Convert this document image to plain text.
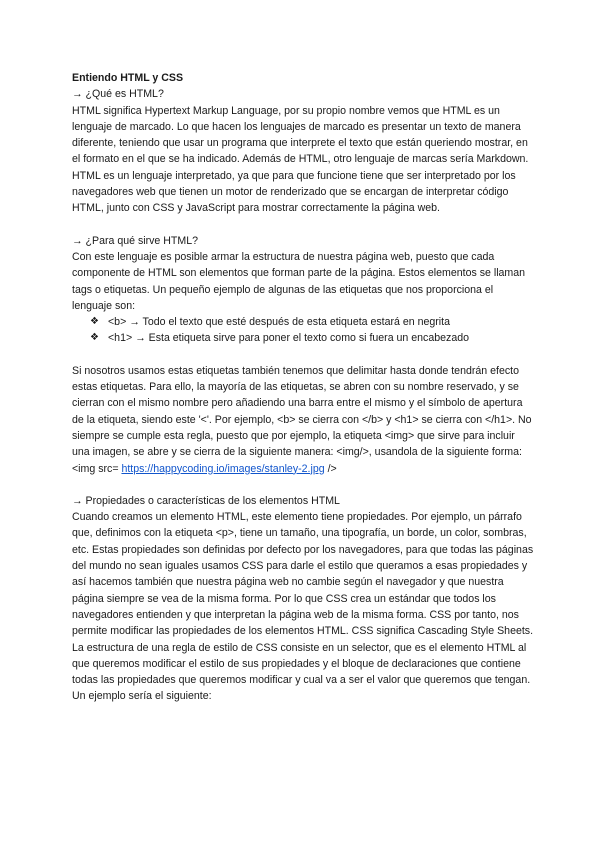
Entiendo HTML y CSS

→ ¿Qué es HTML?

HTML significa Hypertext Markup Language, por su propio nombre vemos que HTML es un lenguaje de marcado. Lo que hacen los lenguajes de marcado es presentar un texto de manera diferente, teniendo que usar un programa que interprete el texto que están queriendo mostrar, en el formato en el que se ha indicado. Además de HTML, otro lenguaje de marcas sería Markdown. HTML es un lenguaje interpretado, ya que para que funcione tiene que ser interpretado por los navegadores web que tienen un motor de renderizado que se encargan de interpretar código HTML, junto con CSS y JavaScript para mostrar correctamente la página web.

→ ¿Para qué sirve HTML?

Con este lenguaje es posible armar la estructura de nuestra página web, puesto que cada componente de HTML son elementos que forman parte de la página. Estos elementos se llaman tags o etiquetas. Un pequeño ejemplo de algunas de las etiquetas que nos proporciona el lenguaje son:

❖ <b> → Todo el texto que esté después de esta etiqueta estará en negrita
❖ <h1> → Esta etiqueta sirve para poner el texto como si fuera un encabezado

Si nosotros usamos estas etiquetas también tenemos que delimitar hasta donde tendrán efecto estas etiquetas. Para ello, la mayoría de las etiquetas, se abren con su nombre reservado, y se cierran con el mismo nombre pero añadiendo una barra entre el mismo y el símbolo de apertura de la etiqueta, siendo este '<'. Por ejemplo, <b> se cierra con </b> y <h1> se cierra con </h1>. No siempre se cumple esta regla, puesto que por ejemplo, la etiqueta <img> que sirve para incluir una imagen, se abre y se cierra de la siguiente manera: <img/>, usandola de la siguiente forma:

<img src= https://happycoding.io/images/stanley-2.jpg />

→ Propiedades o características de los elementos HTML

Cuando creamos un elemento HTML, este elemento tiene propiedades. Por ejemplo, un párrafo que, definimos con la etiqueta <p>, tiene un tamaño, una tipografía, un borde, un color, sombras, etc. Estas propiedades son definidas por defecto por los navegadores, para que todas las páginas del mundo no sean iguales usamos CSS para darle el estilo que queramos a esas propiedades y así hacemos también que nuestra página web no cambie según el navegador y que nuestra página siempre se vea de la misma forma. Por lo que CSS crea un estándar que todos los navegadores entienden y que interpretan la página web de la misma forma. CSS por tanto, nos permite modificar las propiedades de los elementos HTML. CSS significa Cascading Style Sheets. La estructura de una regla de estilo de CSS consiste en un selector, que es el elemento HTML al que queremos modificar el estilo de sus propiedades y el bloque de declaraciones que contiene todas las propiedades que queremos modificar y cual va a ser el valor que queremos que tengan. Un ejemplo sería el siguiente:
